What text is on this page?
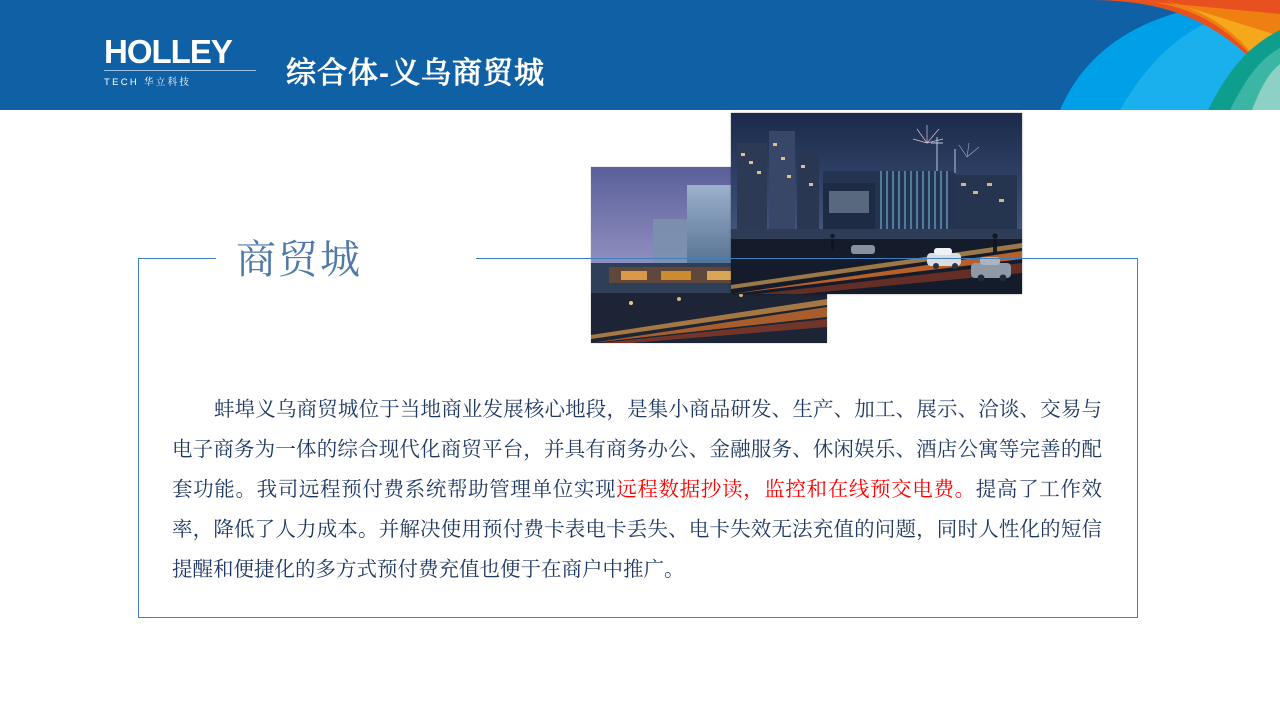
HOLLEY
TECH 华立科技	综合体-义乌商贸城
商贸城
蚌埠义乌商贸城位于当地商业发展核心地段，是集小商品研发、生产、加工、展示、洽谈、交易与电子商务为一体的综合现代化商贸平台，并具有商务办公、金融服务、休闲娱乐、酒店公寓等完善的配套功能。我司远程预付费系统帮助管理单位实现远程数据抄读，监控和在线预交电费。提高了工作效率，降低了人力成本。并解决使用预付费卡表电卡丢失、电卡失效无法充值的问题，同时人性化的短信提醒和便捷化的多方式预付费充值也便于在商户中推广。
